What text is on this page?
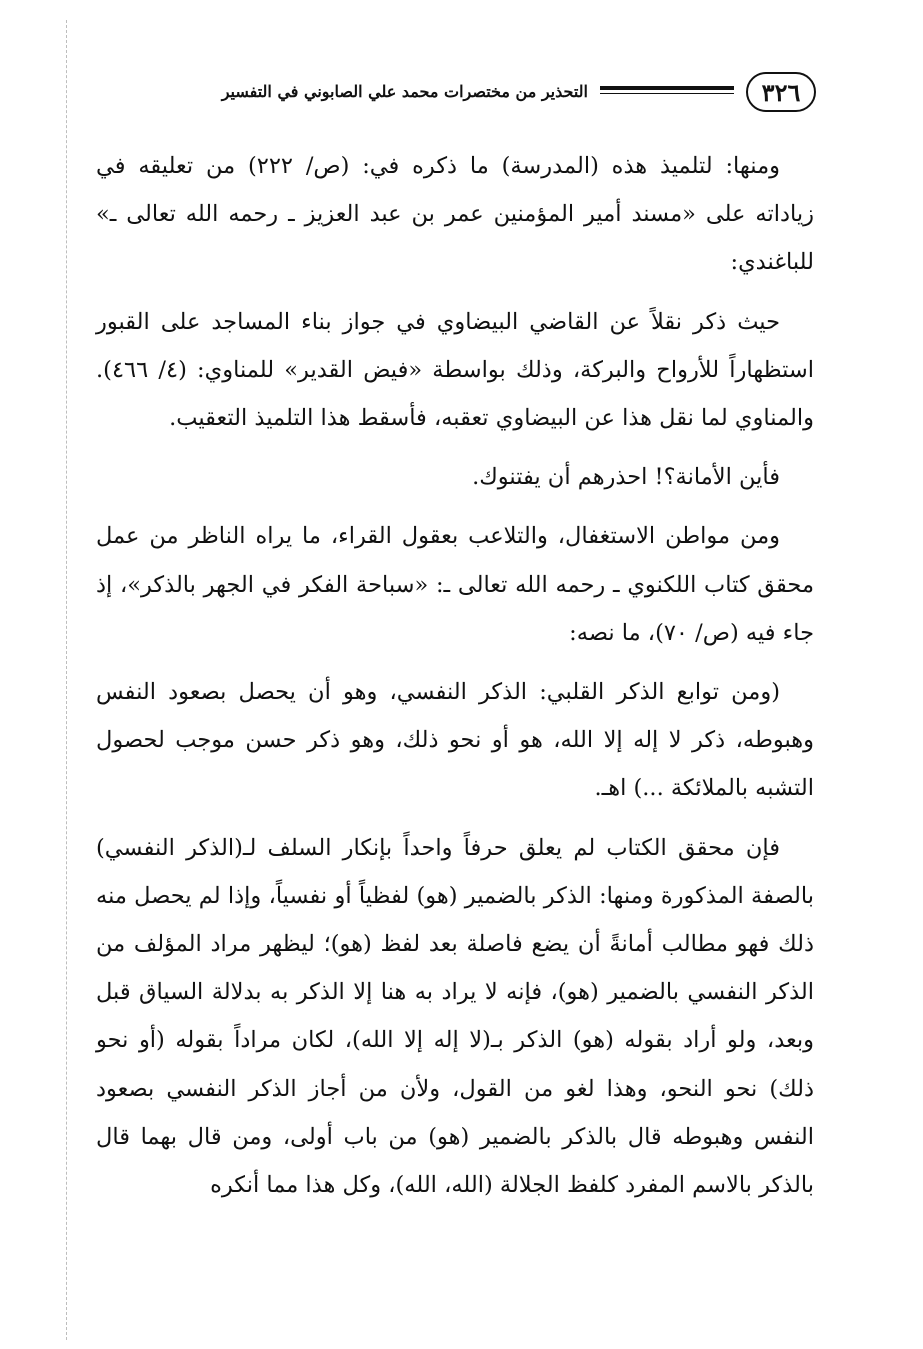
٣٢٦
التحذير من مختصرات محمد علي الصابوني في التفسير

ومنها: لتلميذ هذه (المدرسة) ما ذكره في: (ص/ ٢٢٢) من تعليقه في زياداته على «مسند أمير المؤمنين عمر بن عبد العزيز ـ رحمه الله تعالى ـ» للباغندي:

حيث ذكر نقلاً عن القاضي البيضاوي في جواز بناء المساجد على القبور استظهاراً للأرواح والبركة، وذلك بواسطة «فيض القدير» للمناوي: (٤/ ٤٦٦). والمناوي لما نقل هذا عن البيضاوي تعقبه، فأسقط هذا التلميذ التعقيب.

فأين الأمانة؟! احذرهم أن يفتنوك.

ومن مواطن الاستغفال، والتلاعب بعقول القراء، ما يراه الناظر من عمل محقق كتاب اللكنوي ـ رحمه الله تعالى ـ: «سباحة الفكر في الجهر بالذكر»، إذ جاء فيه (ص/ ٧٠)، ما نصه:

(ومن توابع الذكر القلبي: الذكر النفسي، وهو أن يحصل بصعود النفس وهبوطه، ذكر لا إله إلا الله، هو أو نحو ذلك، وهو ذكر حسن موجب لحصول التشبه بالملائكة ...) اهـ.

فإن محقق الكتاب لم يعلق حرفاً واحداً بإنكار السلف لـ(الذكر النفسي) بالصفة المذكورة ومنها: الذكر بالضمير (هو) لفظياً أو نفسياً، وإذا لم يحصل منه ذلك فهو مطالب أمانةً أن يضع فاصلة بعد لفظ (هو)؛ ليظهر مراد المؤلف من الذكر النفسي بالضمير (هو)، فإنه لا يراد به هنا إلا الذكر به بدلالة السياق قبل وبعد، ولو أراد بقوله (هو) الذكر بـ(لا إله إلا الله)، لكان مراداً بقوله (أو نحو ذلك) نحو النحو، وهذا لغو من القول، ولأن من أجاز الذكر النفسي بصعود النفس وهبوطه قال بالذكر بالضمير (هو) من باب أولى، ومن قال بهما قال بالذكر بالاسم المفرد كلفظ الجلالة (الله، الله)، وكل هذا مما أنكره
